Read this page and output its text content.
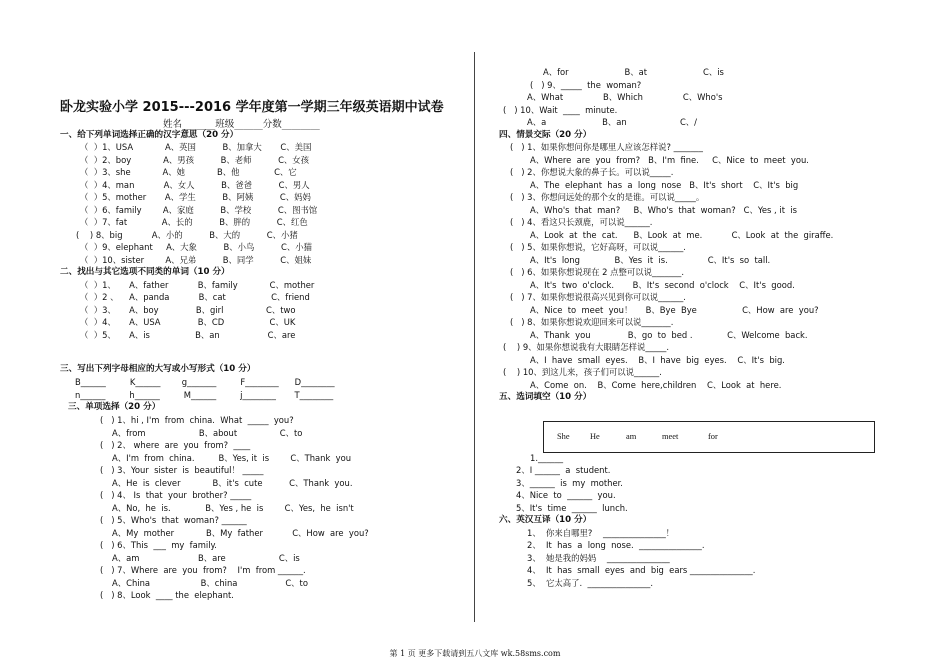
卧龙实验小学 2015---2016 学年度第一学期三年级英语期中试卷
姓名_______班级______分数________
一、给下列单词选择正确的汉字意思（20 分）
（  ）1、USA            A、英国          B、加拿大       C、美国
（  ）2、boy            A、男孩          B、老师          C、女孩
（  ）3、she            A、她            B、他             C、它
（  ）4、man           A、女人          B、爸爸          C、男人
（  ）5、mother       A、学生          B、阿姨          C、妈妈
（  ）6、family        A、家庭          B、学校          C、图书馆
（  ）7、fat             A、长的          B、胖的          C、红色
(    ) 8、big           A、小的          B、大的          C、小猪
（  ）9、elephant     A、大象          B、小鸟          C、小猫
（  ）10、sister        A、兄弟          B、同学          C、姐妹
二、找出与其它选项不同类的单词（10 分）
（  ）1、     A、father           B、family            C、mother
（  ）2 、    A、panda           B、cat                 C、friend
（  ）3、     A、boy              B、girl                C、two
（  ）4、     A、USA              B、CD                 C、UK
（  ）5、     A、is                 B、an                  C、are
三、写出下列字母相应的大写或小写形式（10 分）
B______         K______        g_______         F________      D________
n______         h______         M______         j________       T________
三、单项选择（20 分）
(   ) 1、hi , I'm  from  china.  What  _____  you?
A、from                    B、about                C、to
(   ) 2、 where  are  you  from?  ____
A、I'm  from  china.         B、Yes, it  is        C、Thank  you
(   ) 3、Your  sister  is  beautiful！ _____
A、He  is  clever            B、it's  cute          C、Thank  you.
(   ) 4、 Is  that  your  brother? _____
A、No,  he  is.             B、Yes , he  is        C、Yes,  he  isn't
(   ) 5、Who's  that  woman? ______
A、My  mother            B、My  father           C、How  are  you?
(   ) 6、This  ___  my  family.
A、am                      B、are                    C、is
(   ) 7、Where  are  you  from?    I'm  from ______.
A、China                   B、china                  C、to
(   ) 8、Look  ____ the  elephant.
A、for                     B、at                     C、is
(   ) 9、_____  the  woman?
A、What               B、Which               C、Who's
(   ) 10、Wait  ____  minute.
A、a                     B、an                    C、/
四、情景交际（20 分）
(   ) 1、如果你想问你是哪里人应该怎样说? _______
A、Where  are  you  from?   B、I'm  fine.     C、Nice  to  meet  you.
(   ) 2、你想说大象的鼻子长。可以说_____.
A、The  elephant  has  a  long  nose   B、It's  short    C、It's  big
(   ) 3、你想问远处的那个女的是谁。可以说_____。
A、Who's  that  man?     B、Who's  that  woman?   C、Yes , it  is
(   ) 4、看这只长颈鹿，可以说______.
A、Look  at  the  cat.      B、Look  at  me.           C、Look  at  the  giraffe.
(   ) 5、如果你想说，它好高呀，可以说______.
A、It's  long             B、Yes  it  is.               C、It's  so  tall.
(   ) 6、如果你想说现在 2 点整可以说_______.
A、It's  two  o'clock.       B、It's  second  o'clock    C、It's  good.
(   ) 7、如果你想说很高兴见到你可以说______.
A、Nice  to  meet  you！     B、Bye  Bye                 C、How  are  you?
(   ) 8、如果你想说欢迎回来可以说_______.
A、Thank  you              B、go  to  bed .             C、Welcome  back.
(    ) 9、如果你想说我有大眼睛怎样说_____.
A、I  have  small  eyes.    B、I  have  big  eyes.    C、It's  big.
(    ) 10、到这儿来，孩子们可以说______.
A、Come  on.    B、Come  here,children    C、Look  at  here.
五、选词填空（10 分）
1.______
2、I ______  a  student.
3、______  is  my  mother.
4、Nice  to  ______  you.
5、It's  time  ______  lunch.
六、英汉互译（10 分）
1、  你来自哪里?    _______________！
2、  It  has  a  long  nose.  _______________.
3、  她是我的妈妈    _______________
4、  It  has  small  eyes  and  big  ears _______________.
5、  它太高了.  _______________.
She He	am	meet	for
第 1 页 更多下载请到五八文库 wk.58sms.com
